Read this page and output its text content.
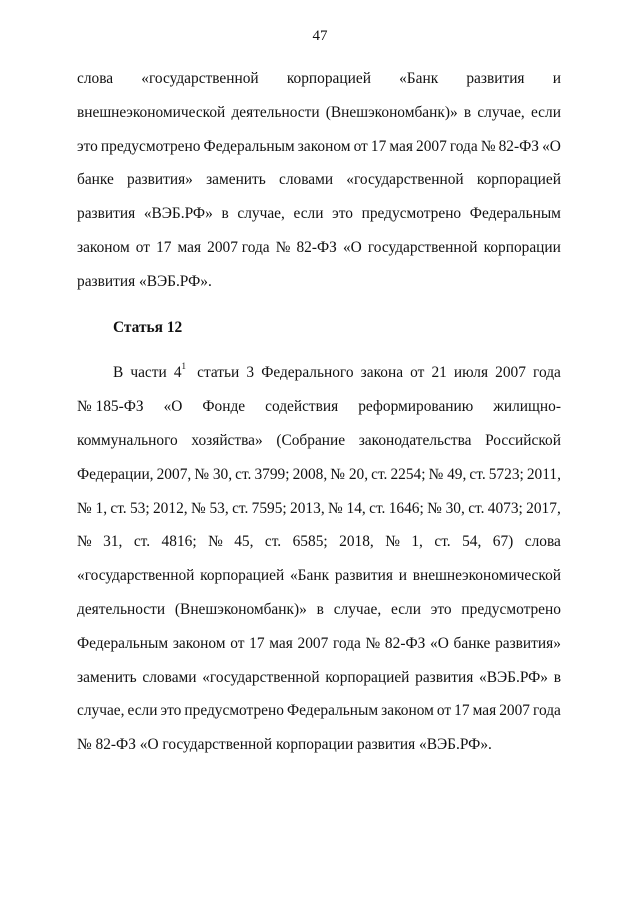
47
слова «государственной корпорацией «Банк развития и
внешнеэкономической деятельности (Внешэкономбанк)» в случае, если
это предусмотрено Федеральным законом от 17 мая 2007 года № 82-ФЗ «О
банке развития» заменить словами «государственной корпорацией
развития «ВЭБ.РФ» в случае, если это предусмотрено Федеральным
законом от 17 мая 2007 года № 82-ФЗ «О государственной корпорации
развития «ВЭБ.РФ».
Статья 12
В части $4^1$ статьи 3 Федерального закона от 21 июля 2007 года
№ 185-ФЗ «О Фонде содействия реформированию жилищно-
коммунального хозяйства» (Собрание законодательства Российской
Федерации, 2007, № 30, ст. 3799; 2008, № 20, ст. 2254; № 49, ст. 5723; 2011,
№ 1, ст. 53; 2012, № 53, ст. 7595; 2013, № 14, ст. 1646; № 30, ст. 4073; 2017,
№ 31, ст. 4816; № 45, ст. 6585; 2018, № 1, ст. 54, 67) слова
«государственной корпорацией «Банк развития и внешнеэкономической
деятельности (Внешэкономбанк)» в случае, если это предусмотрено
Федеральным законом от 17 мая 2007 года № 82-ФЗ «О банке развития»
заменить словами «государственной корпорацией развития «ВЭБ.РФ» в
случае, если это предусмотрено Федеральным законом от 17 мая 2007 года
№ 82-ФЗ «О государственной корпорации развития «ВЭБ.РФ».
